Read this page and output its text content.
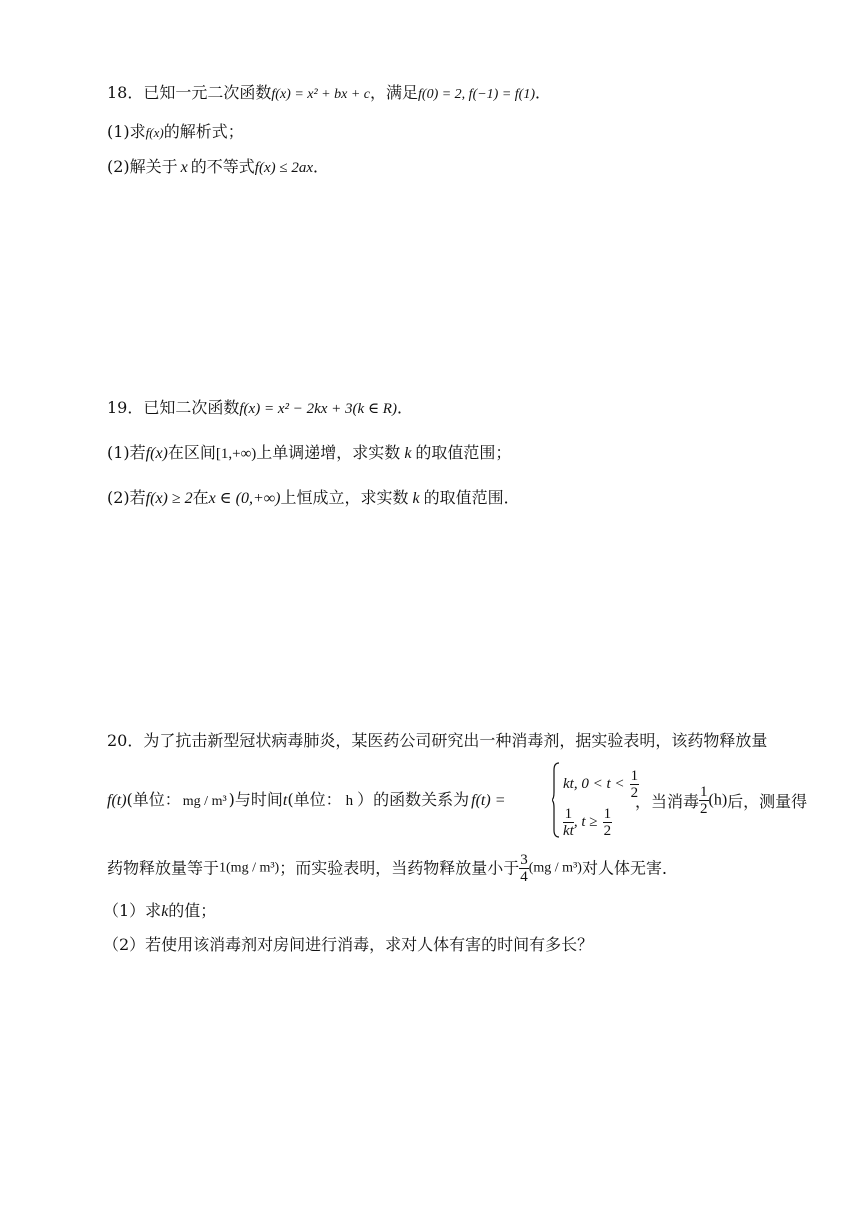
18．已知一元二次函数f(x) = x² + bx + c，满足f(0) = 2, f(−1) = f(1)．
(1)求f(x)的解析式；
(2)解关于 x 的不等式f(x) ≤ 2ax．
19．已知二次函数f(x) = x² − 2kx + 3(k ∈ R)．
(1)若f(x)在区间[1,+∞)上单调递增，求实数 k 的取值范围；
(2)若f(x) ≥ 2在x ∈ (0,+∞)上恒成立，求实数 k 的取值范围．
20．为了抗击新型冠状病毒肺炎，某医药公司研究出一种消毒剂，据实验表明，该药物释放量
f(t)(单位： mg / m³ )与时间t(单位： h ）的函数关系为 f(t) =
kt, $0 < t < \frac{1}{2}$
$\frac{1}{kt}$ , $t \ge \frac{1}{2}$
，当消毒 $\frac{1}{2} (h)$后，测量得
药物释放量等于1(mg / m³)；而实验表明，当药物释放量小于 $\frac{3}{4} (mg / m^3)$对人体无害．
（1）求k的值；
（2）若使用该消毒剂对房间进行消毒，求对人体有害的时间有多长？
